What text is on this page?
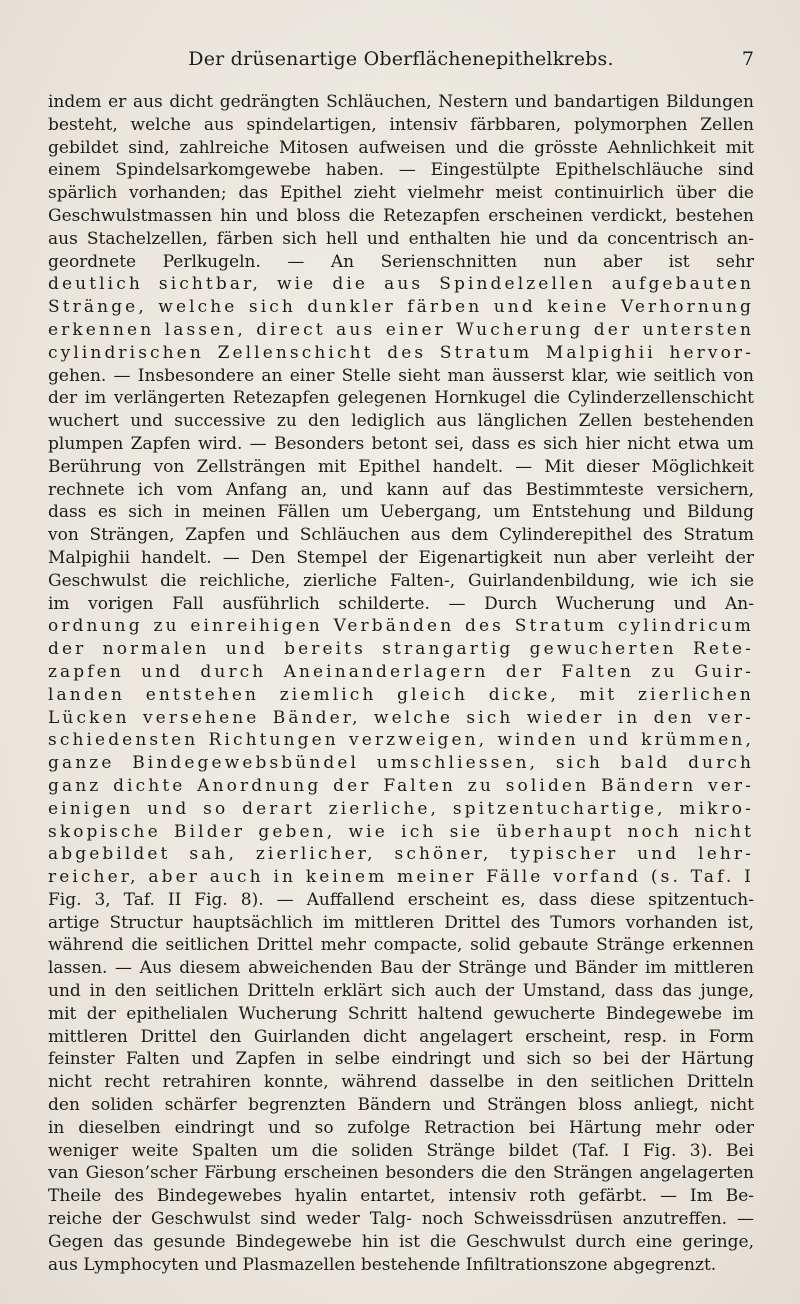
Der drüsenartige Oberflächenepithelkrebs.	7
indem er aus dicht gedrängten Schläuchen, Nestern und bandartigen Bildungen
besteht, welche aus spindelartigen, intensiv färbbaren, polymorphen Zellen
gebildet sind, zahlreiche Mitosen aufweisen und die grösste Aehnlichkeit mit
einem Spindelsarkomgewebe haben. — Eingestülpte Epithelschläuche sind
spärlich vorhanden; das Epithel zieht vielmehr meist continuirlich über die
Geschwulstmassen hin und bloss die Retezapfen erscheinen verdickt, bestehen
aus Stachelzellen, färben sich hell und enthalten hie und da concentrisch an-
geordnete Perlkugeln. — An Serienschnitten nun aber ist sehr
deutlich sichtbar, wie die aus Spindelzellen aufgebauten
Stränge, welche sich dunkler färben und keine Verhornung
erkennen lassen, direct aus einer Wucherung der untersten
cylindrischen Zellenschicht des Stratum Malpighii hervor-
gehen. — Insbesondere an einer Stelle sieht man äusserst klar, wie seitlich von
der im verlängerten Retezapfen gelegenen Hornkugel die Cylinderzellenschicht
wuchert und successive zu den lediglich aus länglichen Zellen bestehenden
plumpen Zapfen wird. — Besonders betont sei, dass es sich hier nicht etwa um
Berührung von Zellsträngen mit Epithel handelt. — Mit dieser Möglichkeit
rechnete ich vom Anfang an, und kann auf das Bestimmteste versichern,
dass es sich in meinen Fällen um Uebergang, um Entstehung und Bildung
von Strängen, Zapfen und Schläuchen aus dem Cylinderepithel des Stratum
Malpighii handelt. — Den Stempel der Eigenartigkeit nun aber verleiht der
Geschwulst die reichliche, zierliche Falten-, Guirlandenbildung, wie ich sie
im vorigen Fall ausführlich schilderte. — Durch Wucherung und An-
ordnung zu einreihigen Verbänden des Stratum cylindricum
der normalen und bereits strangartig gewucherten Rete-
zapfen und durch Aneinanderlagern der Falten zu Guir-
landen entstehen ziemlich gleich dicke, mit zierlichen
Lücken versehene Bänder, welche sich wieder in den ver-
schiedensten Richtungen verzweigen, winden und krümmen,
ganze Bindegewebsbündel umschliessen, sich bald durch
ganz dichte Anordnung der Falten zu soliden Bändern ver-
einigen und so derart zierliche, spitzentuchartige, mikro-
skopische Bilder geben, wie ich sie überhaupt noch nicht
abgebildet sah, zierlicher, schöner, typischer und lehr-
reicher, aber auch in keinem meiner Fälle vorfand (s. Taf. I
Fig. 3, Taf. II Fig. 8). — Auffallend erscheint es, dass diese spitzentuch-
artige Structur hauptsächlich im mittleren Drittel des Tumors vorhanden ist,
während die seitlichen Drittel mehr compacte, solid gebaute Stränge erkennen
lassen. — Aus diesem abweichenden Bau der Stränge und Bänder im mittleren
und in den seitlichen Dritteln erklärt sich auch der Umstand, dass das junge,
mit der epithelialen Wucherung Schritt haltend gewucherte Bindegewebe im
mittleren Drittel den Guirlanden dicht angelagert erscheint, resp. in Form
feinster Falten und Zapfen in selbe eindringt und sich so bei der Härtung
nicht recht retrahiren konnte, während dasselbe in den seitlichen Dritteln
den soliden schärfer begrenzten Bändern und Strängen bloss anliegt, nicht
in dieselben eindringt und so zufolge Retraction bei Härtung mehr oder
weniger weite Spalten um die soliden Stränge bildet (Taf. I Fig. 3). Bei
van Gieson’scher Färbung erscheinen besonders die den Strängen angelagerten
Theile des Bindegewebes hyalin entartet, intensiv roth gefärbt. — Im Be-
reiche der Geschwulst sind weder Talg- noch Schweissdrüsen anzutreffen. —
Gegen das gesunde Bindegewebe hin ist die Geschwulst durch eine geringe,
aus Lymphocyten und Plasmazellen bestehende Infiltrationszone abgegrenzt.
